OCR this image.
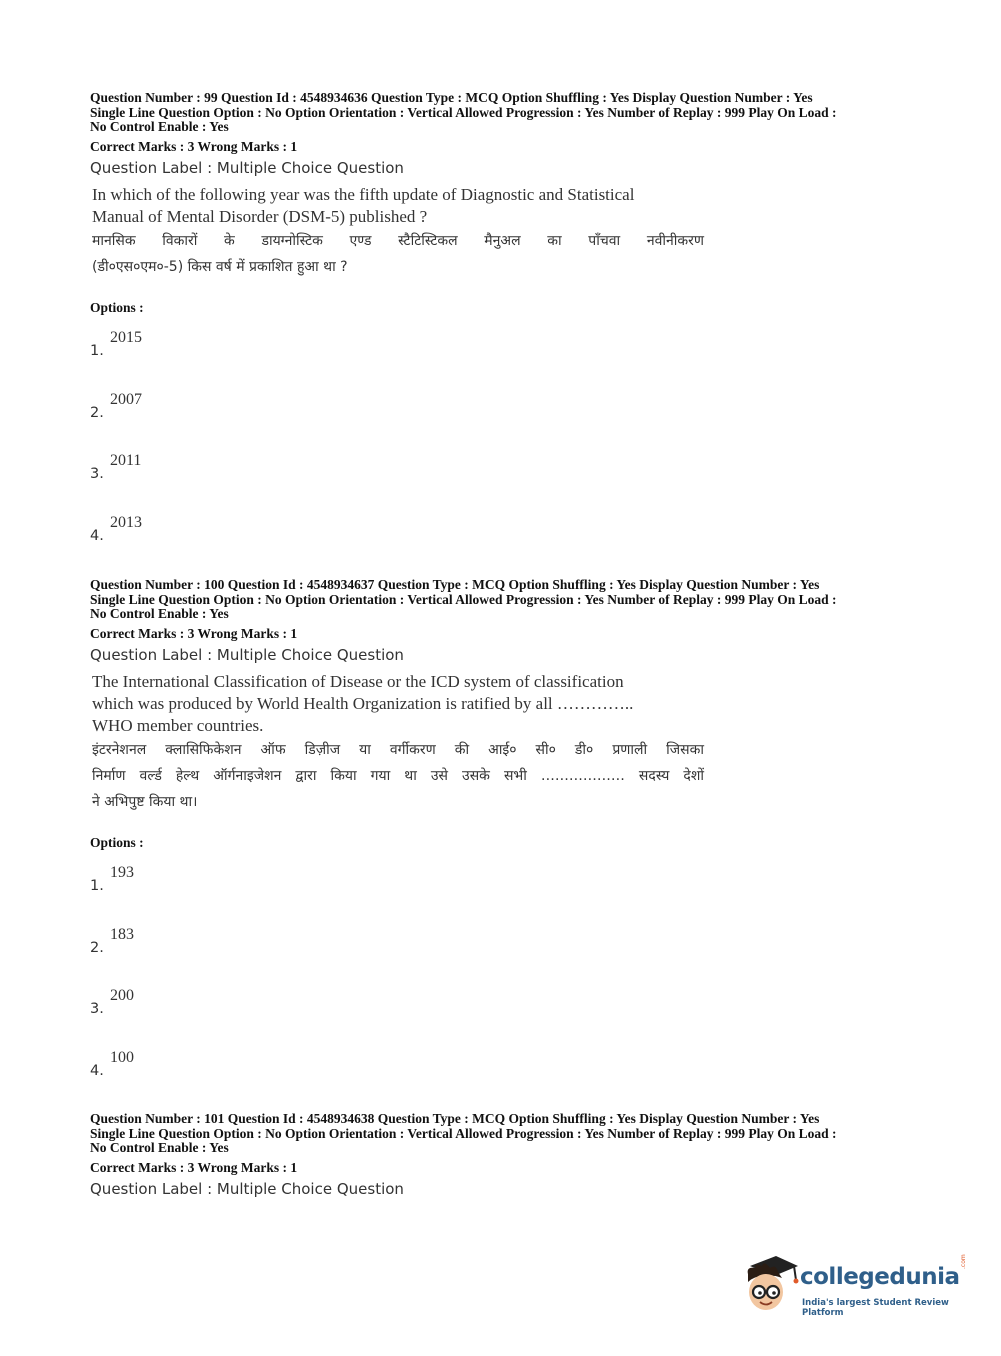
Question Number : 99 Question Id : 4548934636 Question Type : MCQ Option Shuffling : Yes Display Question Number : Yes
Single Line Question Option : No Option Orientation : Vertical Allowed Progression : Yes Number of Replay : 999 Play On Load :
No Control Enable : Yes
Correct Marks : 3 Wrong Marks : 1
Question Label : Multiple Choice Question
In which of the following year was the fifth update of Diagnostic and Statistical
Manual of Mental Disorder (DSM-5) published ?
मानसिक विकारों के डायग्नोस्टिक एण्ड स्टैटिस्टिकल मैनुअल का पाँचवा नवीनीकरण
(डी०एस०एम०-5) किस वर्ष में प्रकाशित हुआ था ?
Options :
1.
2015
2.
2007
3.
2011
4.
2013
Question Number : 100 Question Id : 4548934637 Question Type : MCQ Option Shuffling : Yes Display Question Number : Yes
Single Line Question Option : No Option Orientation : Vertical Allowed Progression : Yes Number of Replay : 999 Play On Load :
No Control Enable : Yes
Correct Marks : 3 Wrong Marks : 1
Question Label : Multiple Choice Question
The International Classification of Disease or the ICD system of classification
which was produced by World Health Organization is ratified by all …………..
WHO member countries.
इंटरनेशनल क्लासिफिकेशन ऑफ डिज़ीज या वर्गीकरण की आई० सी० डी० प्रणाली जिसका
निर्माण वर्ल्ड हेल्थ ऑर्गनाइजेशन द्वारा किया गया था उसे उसके सभी ……………… सदस्य देशों
ने अभिपुष्ट किया था।
Options :
1.
193
2.
183
3.
200
4.
100
Question Number : 101 Question Id : 4548934638 Question Type : MCQ Option Shuffling : Yes Display Question Number : Yes
Single Line Question Option : No Option Orientation : Vertical Allowed Progression : Yes Number of Replay : 999 Play On Load :
No Control Enable : Yes
Correct Marks : 3 Wrong Marks : 1
Question Label : Multiple Choice Question
collegedunia
.com
India's largest Student Review Platform
